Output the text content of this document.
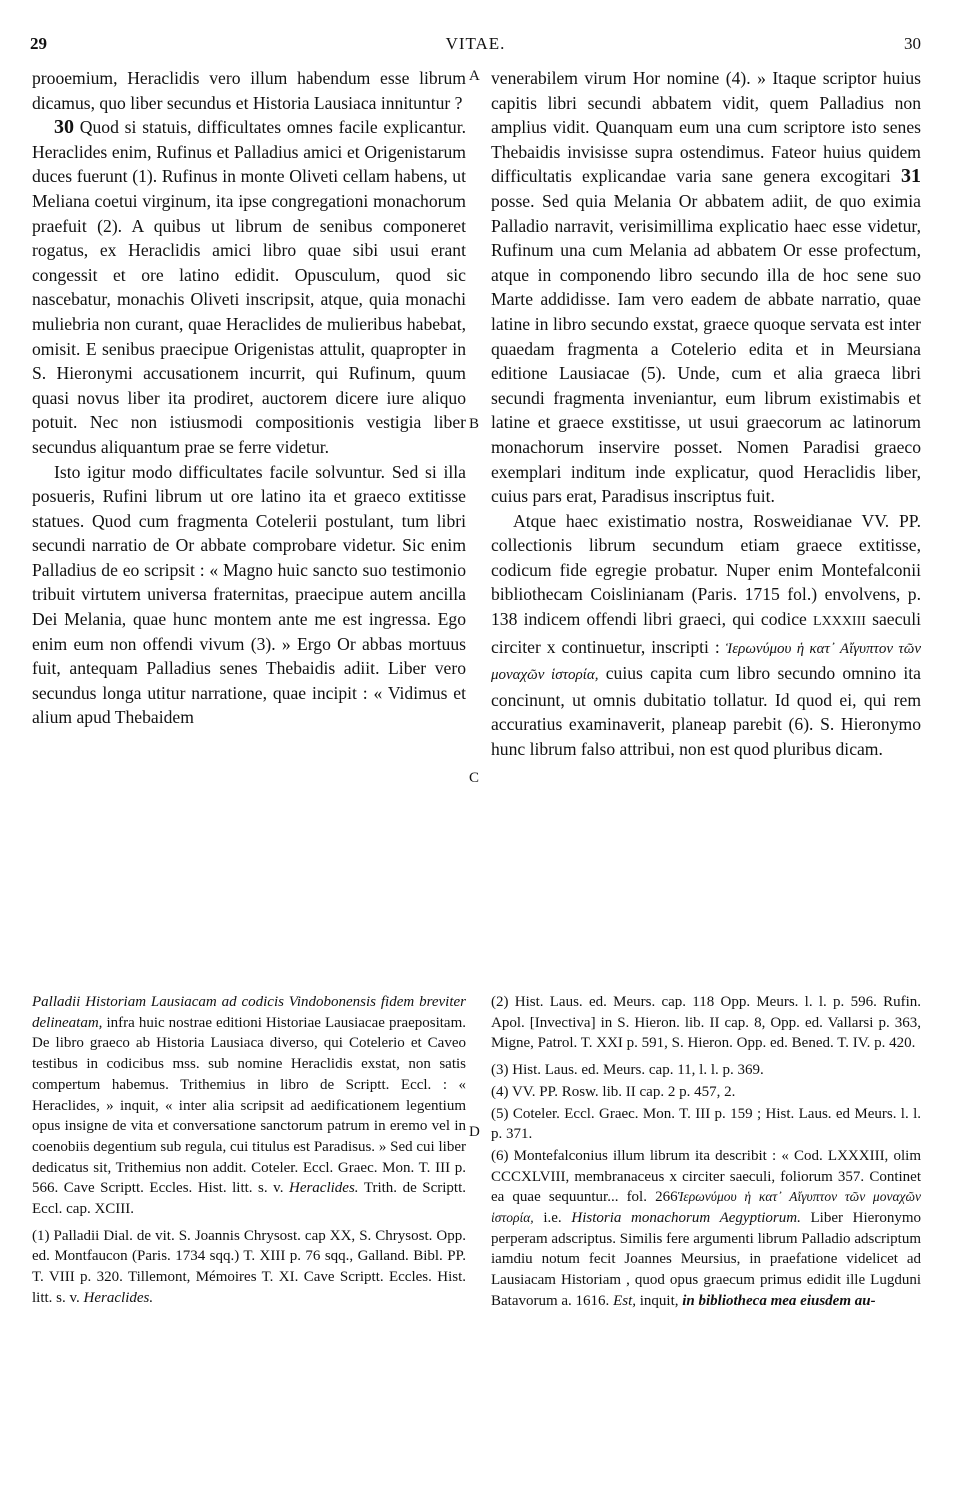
29	VITAE.	30
A
B
C
D

prooemium, Heraclidis vero illum habendum esse librum dicamus, quo liber secundus et Historia Lausiaca innituntur ?

30 Quod si statuis, difficultates omnes facile explicantur. Heraclides enim, Rufinus et Palladius amici et Origenistarum duces fuerunt (1). Rufinus in monte Oliveti cellam habens, ut Meliana coetui virginum, ita ipse congregationi monachorum praefuit (2). A quibus ut librum de senibus componeret rogatus, ex Heraclidis amici libro quae sibi usui erant congessit et ore latino edidit. Opusculum, quod sic nascebatur, monachis Oliveti inscripsit, atque, quia monachi muliebria non curant, quae Heraclides de mulieribus habebat, omisit. E senibus praecipue Origenistas attulit, quapropter in S. Hieronymi accusationem incurrit, qui Rufinum, quum quasi novus liber ita prodiret, auctorem dicere iure aliquo potuit. Nec non istiusmodi compositionis vestigia liber secundus aliquantum prae se ferre videtur.

Isto igitur modo difficultates facile solvuntur. Sed si illa posueris, Rufini librum ut ore latino ita et graeco extitisse statues. Quod cum fragmenta Cotelerii postulant, tum libri secundi narratio de Or abbate comprobare videtur. Sic enim Palladius de eo scripsit : « Magno huic sancto suo testimonio tribuit virtutem universa fraternitas, praecipue autem ancilla Dei Melania, quae hunc montem ante me est ingressa. Ego enim eum non offendi vivum (3). » Ergo Or abbas mortuus fuit, antequam Palladius senes Thebaidis adiit. Liber vero secundus longa utitur narratione, quae incipit : « Vidimus et alium apud Thebaidem

venerabilem virum Hor nomine (4). » Itaque scriptor huius capitis libri secundi abbatem vidit, quem Palladius non amplius vidit. Quanquam eum una cum scriptore isto senes Thebaidis invisisse supra ostendimus. Fateor huius quidem difficultatis explicandae varia sane genera excogitari 31 posse. Sed quia Melania Or abbatem adiit, de quo eximia Palladio narravit, verisimillima explicatio haec esse videtur, Rufinum una cum Melania ad abbatem Or esse profectum, atque in componendo libro secundo illa de hoc sene suo Marte addidisse. Iam vero eadem de abbate narratio, quae latine in libro secundo exstat, graece quoque servata est inter quaedam fragmenta a Cotelerio edita et in Meursiana editione Lausiacae (5). Unde, cum et alia graeca libri secundi fragmenta inveniantur, eum librum existimabis et latine et graece exstitisse, ut usui graecorum ac latinorum monachorum inservire posset. Nomen Paradisi graeco exemplari inditum inde explicatur, quod Heraclidis liber, cuius pars erat, Paradisus inscriptus fuit.

Atque haec existimatio nostra, Rosweidianae VV. PP. collectionis librum secundum etiam graece extitisse, codicum fide egregie probatur. Nuper enim Montefalconii bibliothecam Coislinianam (Paris. 1715 fol.) envolvens, p. 138 indicem offendi libri graeci, qui codice LXXXIII saeculi circiter x continuetur, inscripti : Ἱερωνύμου ἡ κατ᾽ Αἴγυπτον τῶν μοναχῶν ἱστορία, cuius capita cum libro secundo omnino ita concinunt, ut omnis dubitatio tollatur. Id quod ei, qui rem accuratius examinaverit, planeap parebit (6). S. Hieronymo hunc librum falso attribui, non est quod pluribus dicam.

Palladii Historiam Lausiacam ad codicis Vindobonensis fidem breviter delineatam, infra huic nostrae editioni Historiae Lausiacae praepositam. De libro graeco ab Historia Lausiaca diverso, qui Cotelerio et Caveo testibus in codicibus mss. sub nomine Heraclidis exstat, non satis compertum habemus. Trithemius in libro de Scriptt. Eccl. : « Heraclides, » inquit, « inter alia scripsit ad aedificationem legentium opus insigne de vita et conversatione sanctorum patrum in eremo vel in coenobiis degentium sub regula, cui titulus est Paradisus. » Sed cui liber dedicatus sit, Trithemius non addit. Coteler. Eccl. Graec. Mon. T. III p. 566. Cave Scriptt. Eccles. Hist. litt. s. v. Heraclides. Trith. de Scriptt. Eccl. cap. XCIII.

(1) Palladii Dial. de vit. S. Joannis Chrysost. cap XX, S. Chrysost. Opp. ed. Montfaucon (Paris. 1734 sqq.) T. XIII p. 76 sqq., Galland. Bibl. PP. T. VIII p. 320. Tillemont, Mémoires T. XI. Cave Scriptt. Eccles. Hist. litt. s. v. Heraclides.

(2) Hist. Laus. ed. Meurs. cap. 118 Opp. Meurs. l. l. p. 596. Rufin. Apol. [Invectiva] in S. Hieron. lib. II cap. 8, Opp. ed. Vallarsi p. 363, Migne, Patrol. T. XXI p. 591, S. Hieron. Opp. ed. Bened. T. IV. p. 420.

(3) Hist. Laus. ed. Meurs. cap. 11, l. l. p. 369.

(4) VV. PP. Rosw. lib. II cap. 2 p. 457, 2.

(5) Coteler. Eccl. Graec. Mon. T. III p. 159 ; Hist. Laus. ed Meurs. l. l. p. 371.

(6) Montefalconius illum librum ita describit : « Cod. LXXXIII, olim CCCXLVIII, membranaceus x circiter saeculi, foliorum 357. Continet ea quae sequuntur... fol. 266Ἱερωνύμου ἡ κατ᾽ Αἴγυπτον τῶν μοναχῶν ἱστορία, i.e. Historia monachorum Aegyptiorum. Liber Hieronymo perperam adscriptus. Similis fere argumenti librum Palladio adscriptum iamdiu notum fecit Joannes Meursius, in praefatione videlicet ad Lausiacam Historiam , quod opus graecum primus edidit ille Lugduni Batavorum a. 1616. Est, inquit, in bibliotheca mea eiusdem au-
